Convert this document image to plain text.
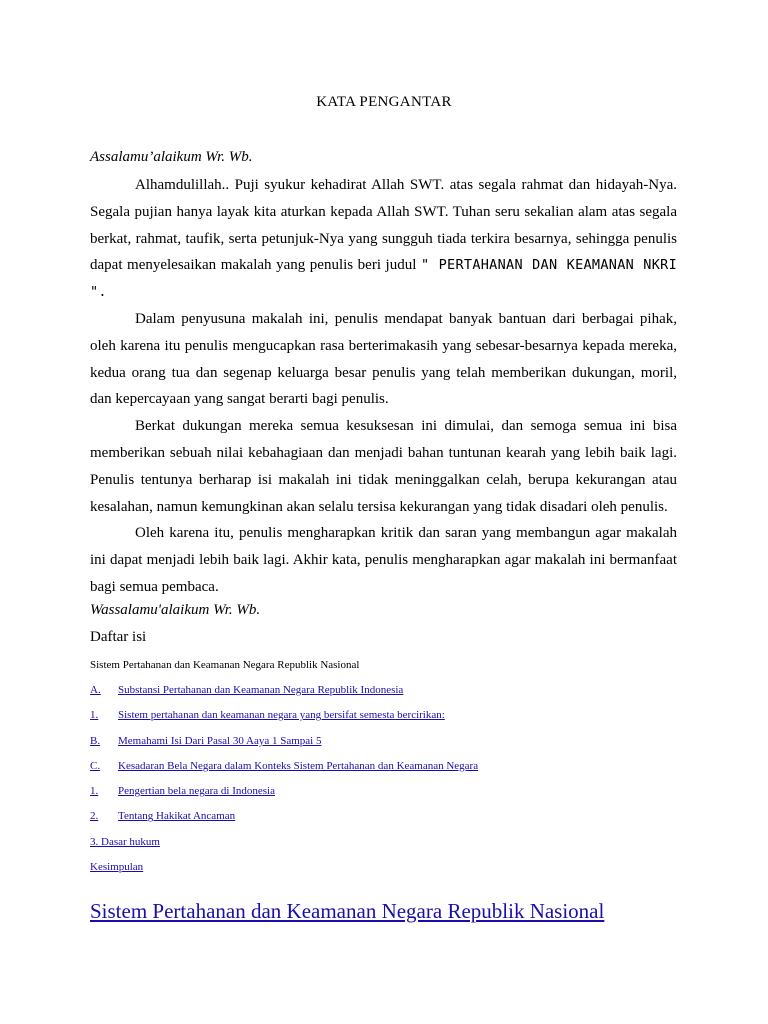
KATA PENGANTAR

Assalamu’alaikum Wr. Wb.

Alhamdulillah.. Puji syukur kehadirat Allah SWT. atas segala rahmat dan hidayah-Nya. Segala pujian hanya layak kita aturkan kepada Allah SWT. Tuhan seru sekalian alam atas segala berkat, rahmat, taufik, serta petunjuk-Nya yang sungguh tiada terkira besarnya, sehingga penulis dapat menyelesaikan makalah yang penulis beri judul " PERTAHANAN DAN KEAMANAN NKRI ".

Dalam penyusuna makalah ini, penulis mendapat banyak bantuan dari berbagai pihak, oleh karena itu penulis mengucapkan rasa berterimakasih yang sebesar-besarnya kepada mereka, kedua orang tua dan segenap keluarga besar penulis yang telah memberikan dukungan, moril, dan kepercayaan yang sangat berarti bagi penulis.

Berkat dukungan mereka semua kesuksesan ini dimulai, dan semoga semua ini bisa memberikan sebuah nilai kebahagiaan dan menjadi bahan tuntunan kearah yang lebih baik lagi. Penulis tentunya berharap isi makalah ini tidak meninggalkan celah, berupa kekurangan atau kesalahan, namun kemungkinan akan selalu tersisa kekurangan yang tidak disadari oleh penulis.

Oleh karena itu, penulis mengharapkan kritik dan saran yang membangun agar makalah ini dapat menjadi lebih baik lagi. Akhir kata, penulis mengharapkan agar makalah ini bermanfaat bagi semua pembaca.

Wassalamu'alaikum Wr. Wb.

Daftar isi

Sistem Pertahanan dan Keamanan Negara Republik Nasional

A. Substansi Pertahanan dan Keamanan Negara Republik Indonesia
1. Sistem pertahanan dan keamanan negara yang bersifat semesta bercirikan:
B. Memahami Isi Dari Pasal 30 Aaya 1 Sampai 5
C. Kesadaran Bela Negara dalam Konteks Sistem Pertahanan dan Keamanan Negara
1. Pengertian bela negara di Indonesia
2. Tentang Hakikat Ancaman
3. Dasar hukum
Kesimpulan
Sistem Pertahanan dan Keamanan Negara Republik Nasional
